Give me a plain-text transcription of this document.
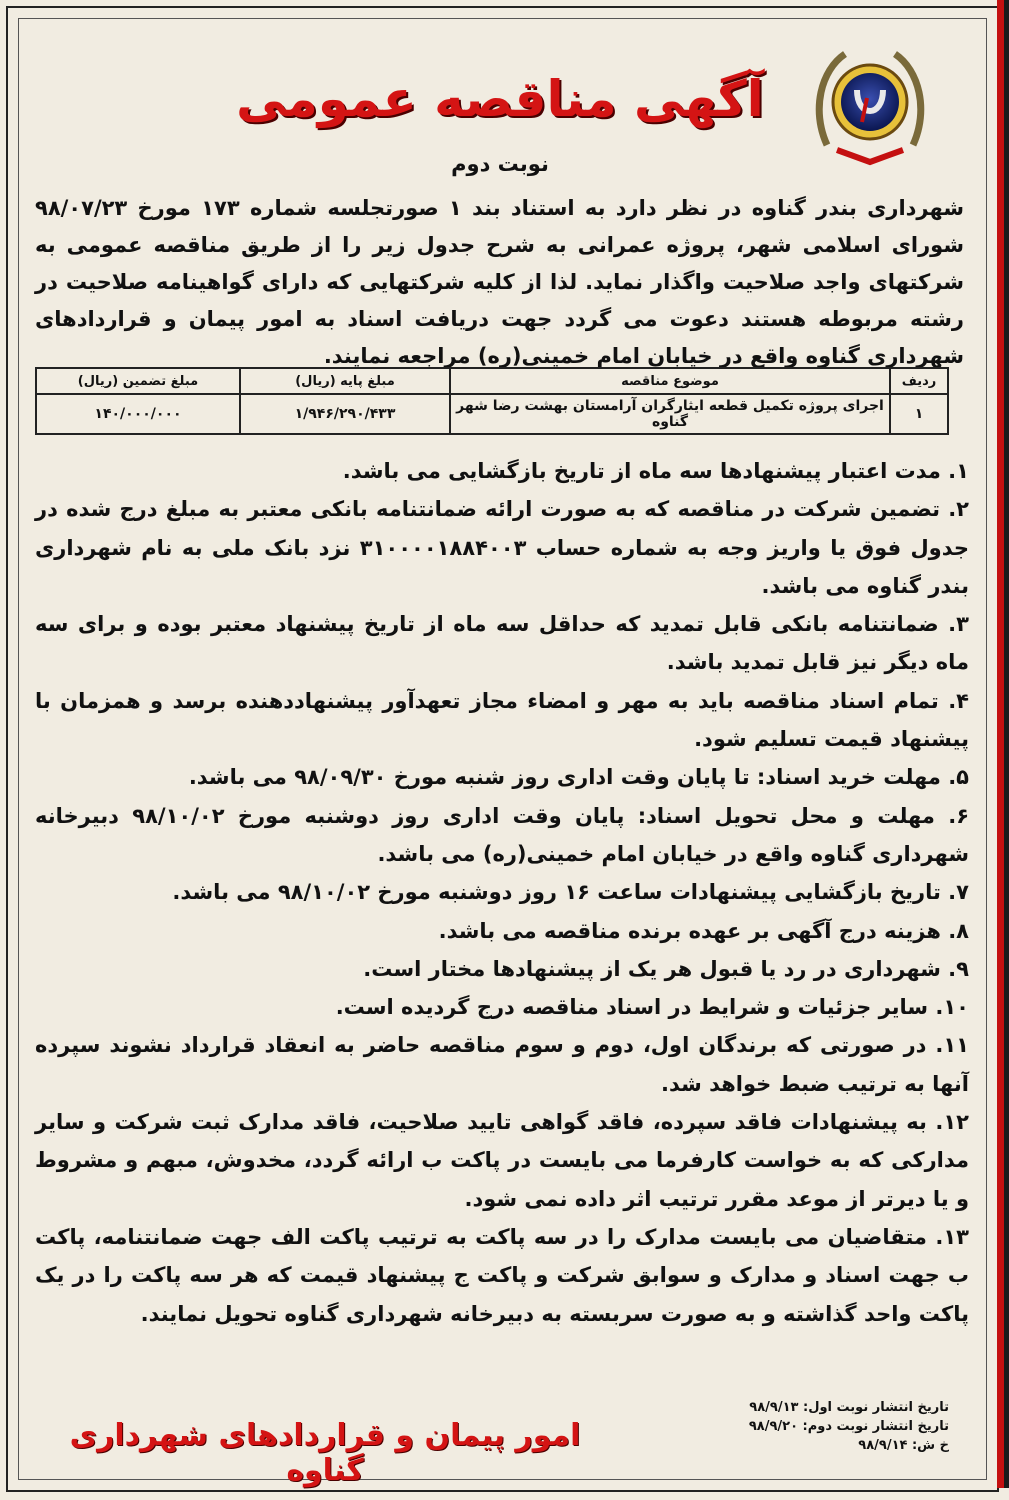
آگهی مناقصه عمومی
نوبت دوم
شهرداری بندر گناوه در نظر دارد به استناد بند ۱ صورتجلسه شماره ۱۷۳ مورخ ۹۸/۰۷/۲۳ شورای اسلامی شهر، پروژه عمرانی به شرح جدول زیر را از طریق مناقصه عمومی به شرکتهای واجد صلاحیت واگذار نماید. لذا از کلیه شرکتهایی که دارای گواهینامه صلاحیت در رشته مربوطه هستند دعوت می گردد جهت دریافت اسناد به امور پیمان و قراردادهای شهرداری گناوه واقع در خیابان امام خمینی(ره) مراجعه نمایند.
ردیف	موضوع مناقصه	مبلغ پایه (ریال)	مبلغ تضمین (ریال)
۱	اجرای پروژه تکمیل قطعه ایثارگران آرامستان بهشت رضا شهر گناوه	۱/۹۴۶/۲۹۰/۴۳۳	۱۴۰/۰۰۰/۰۰۰
۱. مدت اعتبار پیشنهادها سه ماه از تاریخ بازگشایی می باشد.
۲. تضمین شرکت در مناقصه که به صورت ارائه ضمانتنامه بانکی معتبر به مبلغ درج شده در جدول فوق یا واریز وجه به شماره حساب ۳۱۰۰۰۰۱۸۸۴۰۰۳ نزد بانک ملی به نام شهرداری بندر گناوه می باشد.
۳. ضمانتنامه بانکی قابل تمدید که حداقل سه ماه از تاریخ پیشنهاد معتبر بوده و برای سه ماه دیگر نیز قابل تمدید باشد.
۴. تمام اسناد مناقصه باید به مهر و امضاء مجاز تعهدآور پیشنهاددهنده برسد و همزمان با پیشنهاد قیمت تسلیم شود.
۵. مهلت خرید اسناد: تا پایان وقت اداری روز شنبه مورخ ۹۸/۰۹/۳۰ می باشد.
۶. مهلت و محل تحویل اسناد: پایان وقت اداری روز دوشنبه مورخ ۹۸/۱۰/۰۲ دبیرخانه شهرداری گناوه واقع در خیابان امام خمینی(ره) می باشد.
۷. تاریخ بازگشایی پیشنهادات ساعت ۱۶ روز دوشنبه مورخ ۹۸/۱۰/۰۲ می باشد.
۸. هزینه درج آگهی بر عهده برنده مناقصه می باشد.
۹. شهرداری در رد یا قبول هر یک از پیشنهادها مختار است.
۱۰. سایر جزئیات و شرایط در اسناد مناقصه درج گردیده است.
۱۱. در صورتی که برندگان اول، دوم و سوم مناقصه حاضر به انعقاد قرارداد نشوند سپرده آنها به ترتیب ضبط خواهد شد.
۱۲. به پیشنهادات فاقد سپرده، فاقد گواهی تایید صلاحیت، فاقد مدارک ثبت شرکت و سایر مدارکی که به خواست کارفرما می بایست در پاکت ب ارائه گردد، مخدوش، مبهم و مشروط و یا دیرتر از موعد مقرر ترتیب اثر داده نمی شود.
۱۳. متقاضیان می بایست مدارک را در سه پاکت به ترتیب پاکت الف جهت ضمانتنامه، پاکت ب جهت اسناد و مدارک و سوابق شرکت و پاکت ج پیشنهاد قیمت که هر سه پاکت را در یک پاکت واحد گذاشته و به صورت سربسته به دبیرخانه شهرداری گناوه تحویل نمایند.
تاریخ انتشار نوبت اول: ۹۸/۹/۱۳
تاریخ انتشار نوبت دوم: ۹۸/۹/۲۰
خ ش: ۹۸/۹/۱۴
امور پیمان و قراردادهای شهرداری گناوه
